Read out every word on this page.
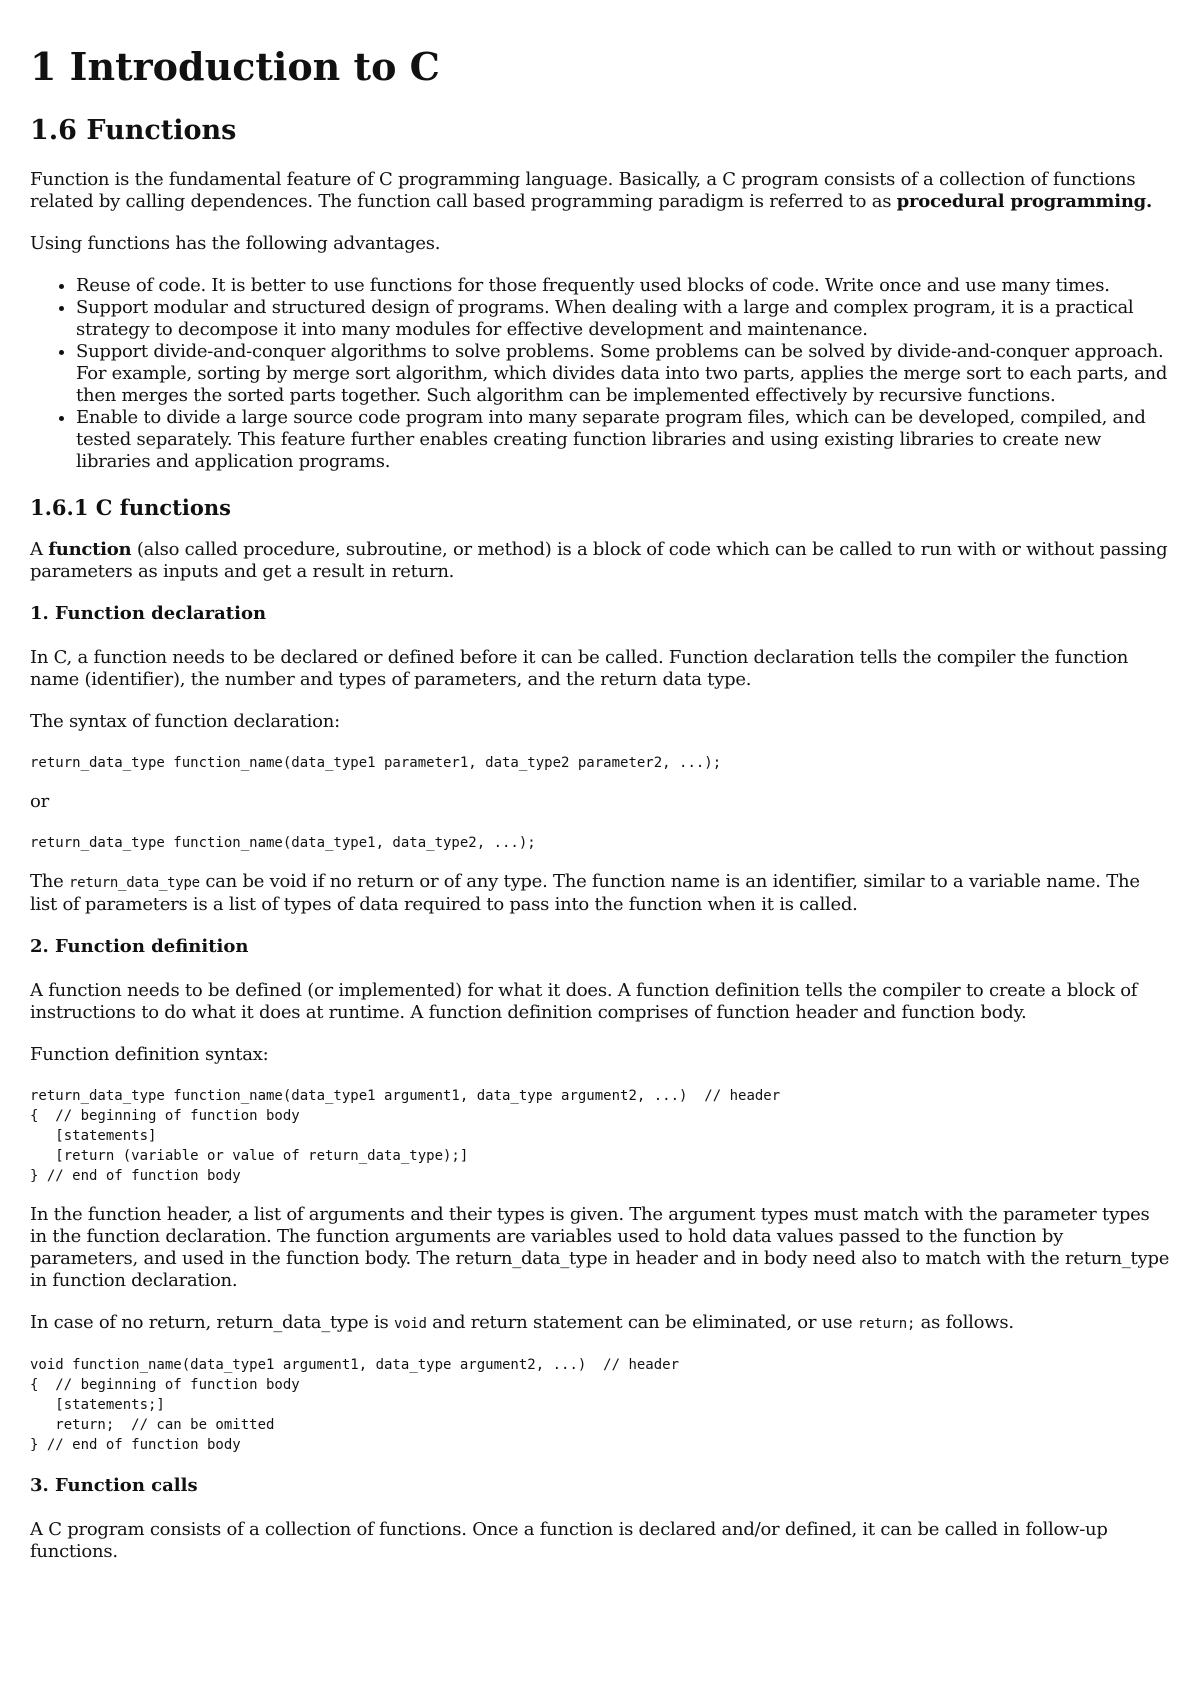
1 Introduction to C
1.6 Functions

Function is the fundamental feature of C programming language. Basically, a C program consists of a collection of functions related by calling dependences. The function call based programming paradigm is referred to as procedural programming.

Using functions has the following advantages.

• Reuse of code. It is better to use functions for those frequently used blocks of code. Write once and use many times.
• Support modular and structured design of programs. When dealing with a large and complex program, it is a practical strategy to decompose it into many modules for effective development and maintenance.
• Support divide-and-conquer algorithms to solve problems. Some problems can be solved by divide-and-conquer approach. For example, sorting by merge sort algorithm, which divides data into two parts, applies the merge sort to each parts, and then merges the sorted parts together. Such algorithm can be implemented effectively by recursive functions.
• Enable to divide a large source code program into many separate program files, which can be developed, compiled, and tested separately. This feature further enables creating function libraries and using existing libraries to create new libraries and application programs.
1.6.1 C functions

A function (also called procedure, subroutine, or method) is a block of code which can be called to run with or without passing parameters as inputs and get a result in return.

1. Function declaration

In C, a function needs to be declared or defined before it can be called. Function declaration tells the compiler the function name (identifier), the number and types of parameters, and the return data type.

The syntax of function declaration:

return_data_type function_name(data_type1 parameter1, data_type2 parameter2, ...);

or

return_data_type function_name(data_type1, data_type2, ...);

The return_data_type can be void if no return or of any type. The function name is an identifier, similar to a variable name. The list of parameters is a list of types of data required to pass into the function when it is called.

2. Function definition

A function needs to be defined (or implemented) for what it does. A function definition tells the compiler to create a block of instructions to do what it does at runtime. A function definition comprises of function header and function body.

Function definition syntax:

return_data_type function_name(data_type1 argument1, data_type argument2, ...)  // header
{  // beginning of function body
[statements]
[return (variable or value of return_data_type);]
} // end of function body

In the function header, a list of arguments and their types is given. The argument types must match with the parameter types in the function declaration. The function arguments are variables used to hold data values passed to the function by parameters, and used in the function body. The return_data_type in header and in body need also to match with the return_type in function declaration.

In case of no return, return_data_type is void and return statement can be eliminated, or use return; as follows.

void function_name(data_type1 argument1, data_type argument2, ...)  // header
{  // beginning of function body
[statements;]
return;  // can be omitted
} // end of function body
3. Function calls

A C program consists of a collection of functions. Once a function is declared and/or defined, it can be called in follow-up functions.
